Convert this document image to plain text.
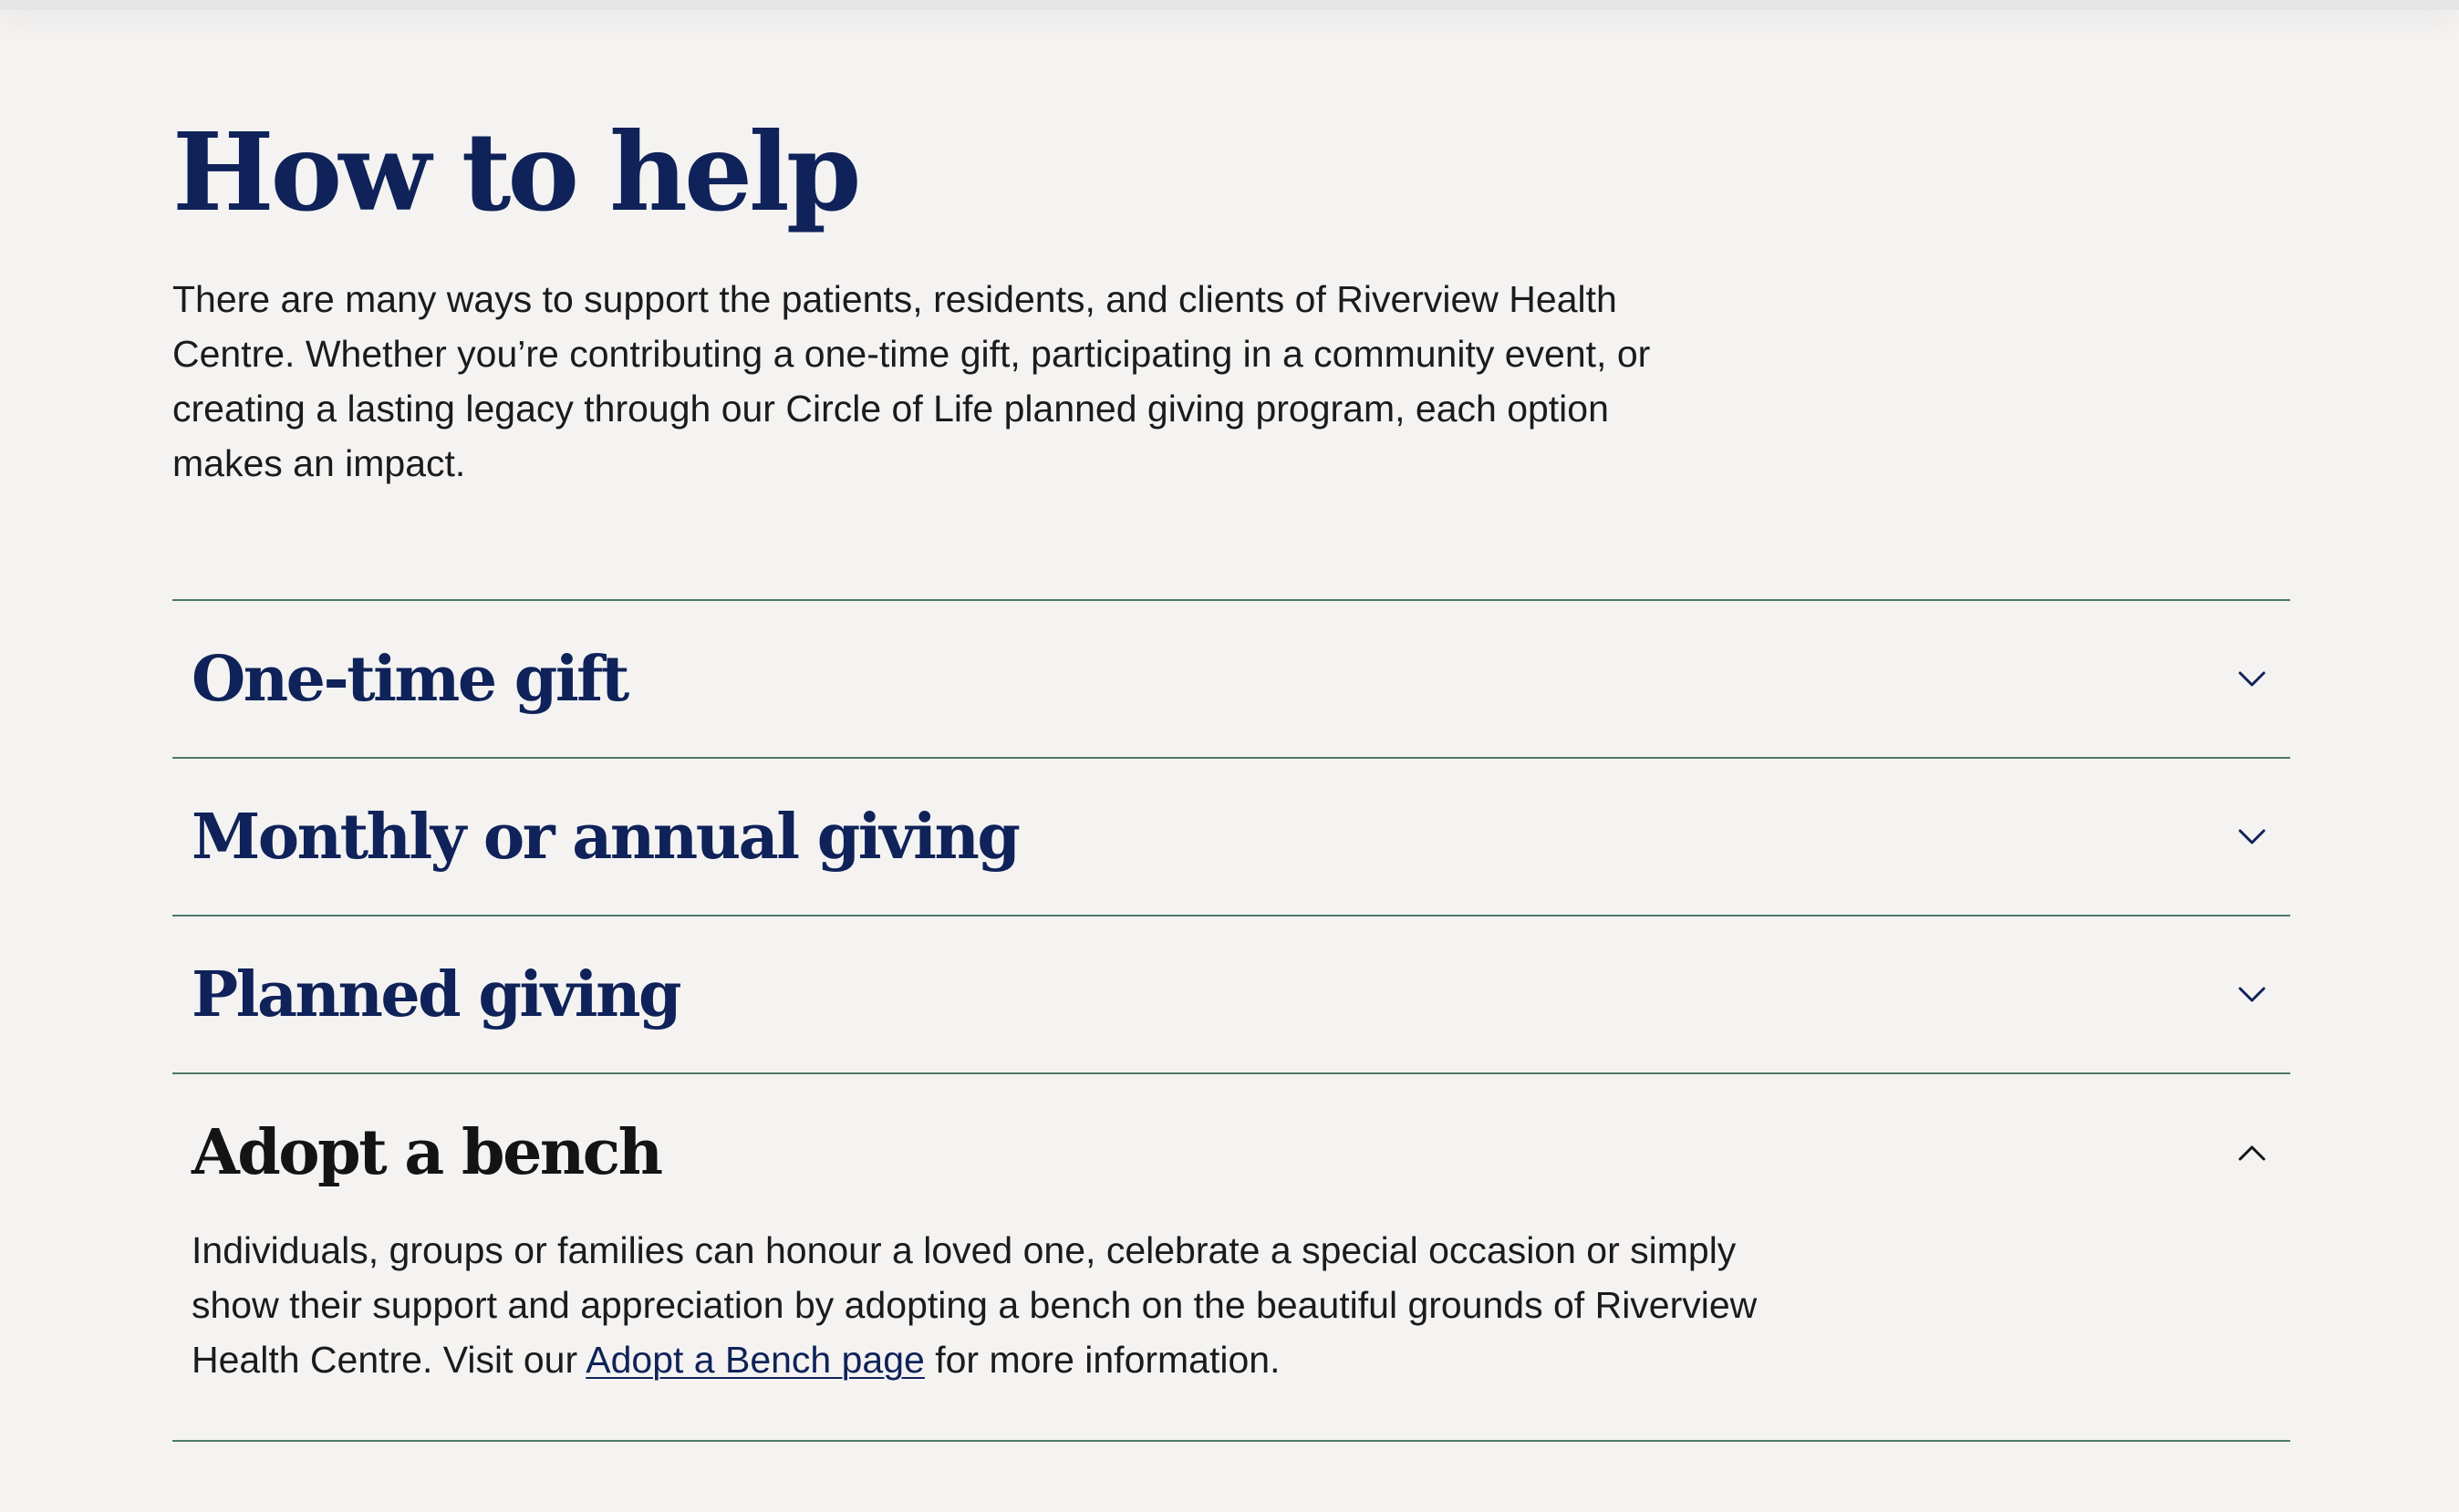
How to help

There are many ways to support the patients, residents, and clients of Riverview Health Centre. Whether you’re contributing a one-time gift, participating in a community event, or creating a lasting legacy through our Circle of Life planned giving program, each option makes an impact.

One-time gift
Monthly or annual giving
Planned giving
Adopt a bench

Individuals, groups or families can honour a loved one, celebrate a special occasion or simply show their support and appreciation by adopting a bench on the beautiful grounds of Riverview Health Centre. Visit our Adopt a Bench page for more information.
